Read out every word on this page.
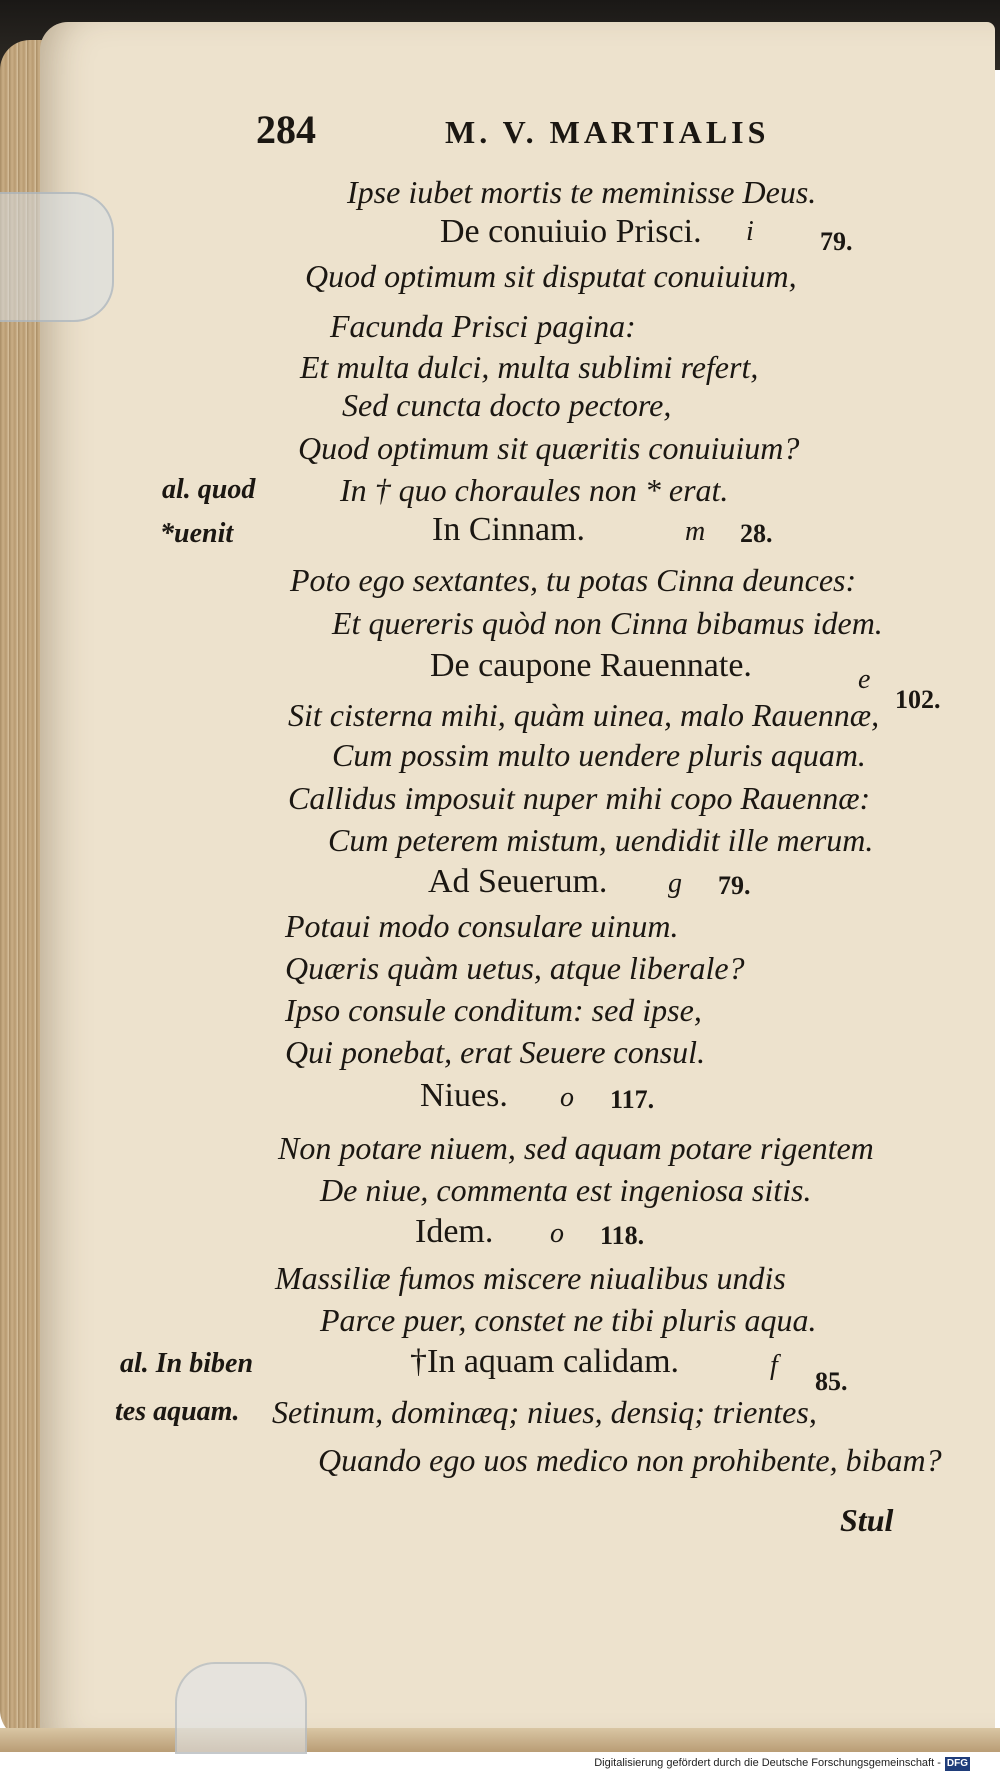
284	M. V. MARTIALIS
Ipse iubet mortis te meminisse Deus.
De conuiuio Prisci.
Quod optimum sit disputat conuiuium,
Facunda Prisci pagina:
Et multa dulci, multa sublimi refert,
Sed cuncta docto pectore,
Quod optimum sit quæritis conuiuium?
In † quo choraules non * erat.
In Cinnam.
Poto ego sextantes, tu potas Cinna deunces:
Et quereris quòd non Cinna bibamus idem.
De caupone Rauennate.
Sit cisterna mihi, quàm uinea, malo Rauennæ,
Cum possim multo uendere pluris aquam.
Callidus imposuit nuper mihi copo Rauennæ:
Cum peterem mistum, uendidit ille merum.
Ad Seuerum.
Potaui modo consulare uinum.
Quæris quàm uetus, atque liberale?
Ipso consule conditum: sed ipse,
Qui ponebat, erat Seuere consul.
Niues.
Non potare niuem, sed aquam potare rigentem
De niue, commenta est ingeniosa sitis.
Idem.
Massiliæ fumos miscere niualibus undis
Parce puer, constet ne tibi pluris aqua.
†In aquam calidam.
Setinum, dominæq; niues, densiq; trientes,
Quando ego uos medico non prohibente, bibam?
i	79.
m 28.
e
102.
g 79.
o 117.
o 118.
f
85.
al. quod
*uenit
al. In biben
tes aquam.
Stul
Digitalisierung gefördert durch die Deutsche Forschungsgemeinschaft - DFG
